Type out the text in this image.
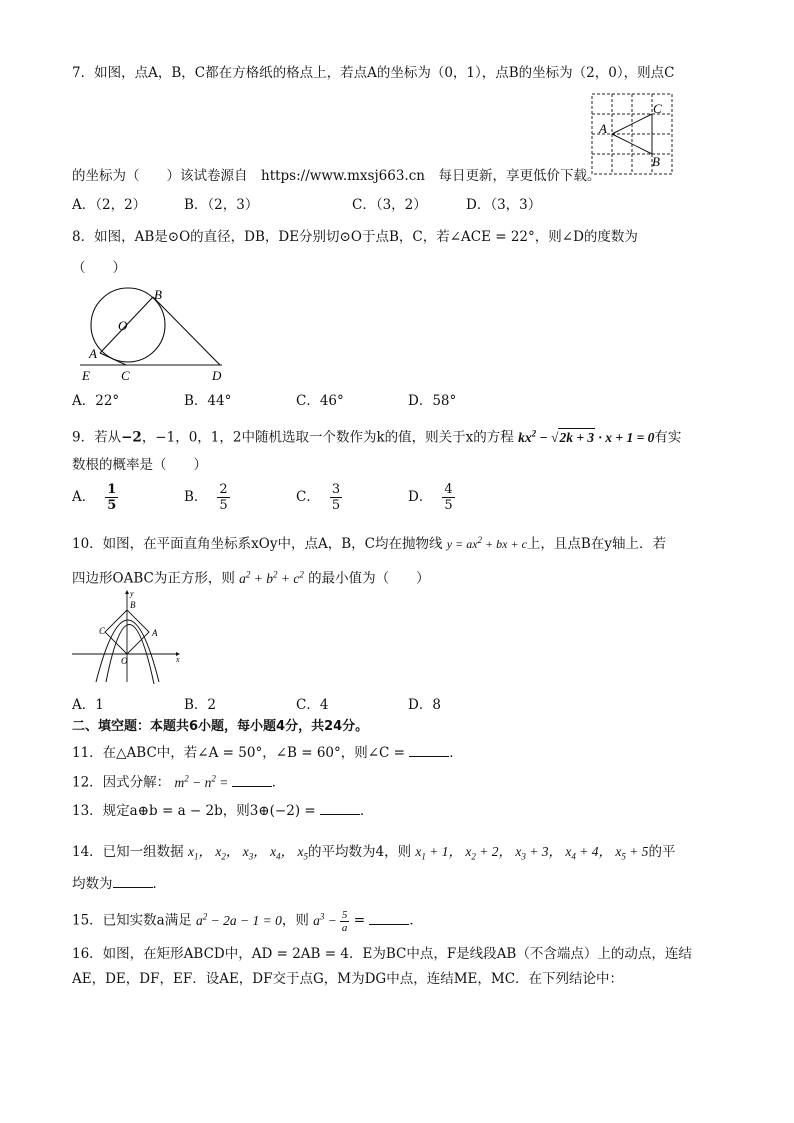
7．如图，点A，B，C都在方格纸的格点上，若点A的坐标为（0，1），点B的坐标为（2，0），则点C
A
B
C
的坐标为（　　）该试卷源自　https://www.mxsj663.cn　每日更新，享更低价下载。
A．（2，2）	B．（2，3）	C．（3，2）	D．（3，3）
8．如图，AB是⊙O的直径，DB，DE分别切⊙O于点B，C，若∠ACE = 22°，则∠D的度数为
（　　）
A
B
C	D
E
O
A．22°	B．44°	C．46°	D．58°
9．若从−2，−1，0，1，2中随机选取一个数作为k的值，则关于x的方程 $kx^2 - √2k + 3 \cdot x + 1 = 0$有实
数根的概率是（　　）
A． $\frac{1}{5}$	B． $\frac{2}{5}$	C． $\frac{3}{5}$	D． $\frac{4}{5}$
10．如图，在平面直角坐标系xOy中，点A，B，C均在抛物线 $y = ax^2$ + bx + c上，且点B在y轴上．若
四边形OABC为正方形，则 $a^2 + b^2 + c^2$ 的最小值为（　　）
A
B
C
O	x
y
A．1	B．2	C．4	D．8
二、填空题：本题共6小题，每小题4分，共24分。
11．在△ABC中，若∠A = 50°，∠B = 60°，则∠C =	．
12．因式分解： $m^2 - n^2$ =	．
13．规定a⊕b = a − 2b，则3⊕(−2) =	．
14．已知一组数据 $x_1$， $x_2$， $x_3$， $x_4$， $x_5$的平均数为4，则 $x_1 + 1$， $x_2 + 2$， $x_3 + 3$， $x_4 + 4$， $x_5 + 5$的平
均数为	．
15．已知实数a满足 $a^2 - 2a - 1 = 0$，则 $a^3 - \frac{5}{a}$ =	．
16．如图，在矩形ABCD中，AD = 2AB = 4．E为BC中点，F是线段AB（不含端点）上的动点，连结
AE，DE，DF，EF．设AE，DF交于点G，M为DG中点，连结ME，MC．在下列结论中：
